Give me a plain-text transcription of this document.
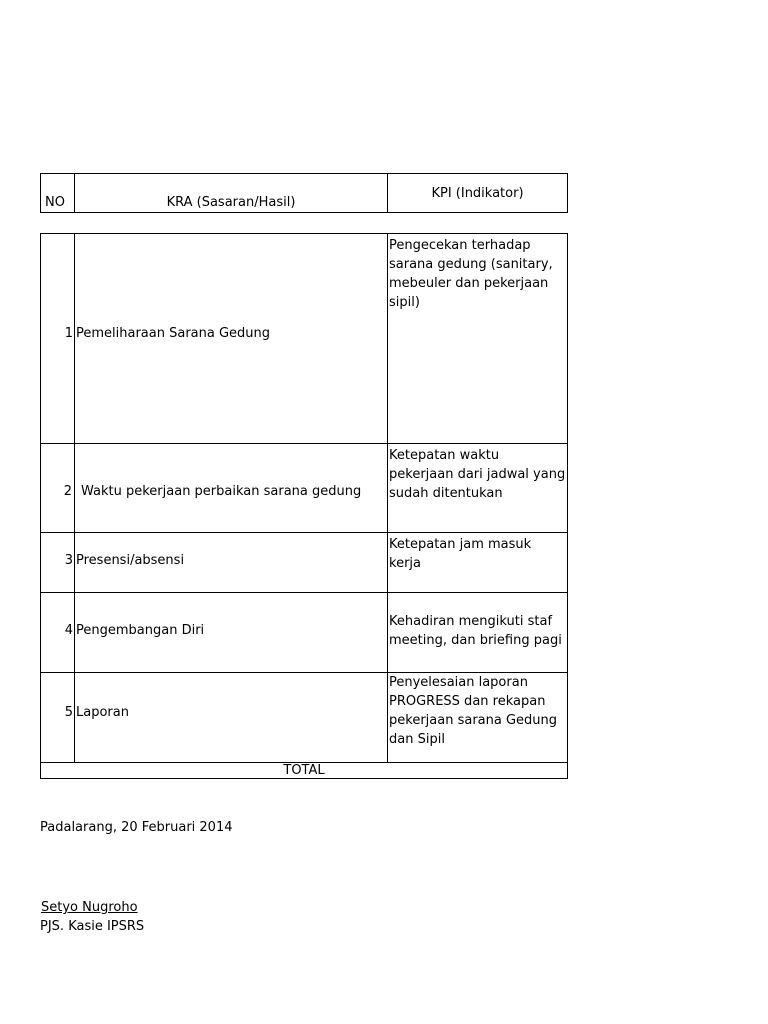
NO	KRA (Sasaran/Hasil)
KPI (Indikator)
1 Pemeliharaan Sarana Gedung
Pengecekan terhadap sarana gedung (sanitary, mebeuler dan pekerjaan sipil)
2 Waktu pekerjaan perbaikan sarana gedung
Ketepatan waktu pekerjaan dari jadwal yang sudah ditentukan
3 Presensi/absensi
Ketepatan jam masuk kerja
4 Pengembangan Diri
Kehadiran mengikuti staf meeting, dan briefing pagi
5 Laporan
Penyelesaian laporan PROGRESS dan rekapan pekerjaan sarana Gedung dan Sipil
TOTAL
Padalarang, 20 Februari 2014
Setyo Nugroho
PJS. Kasie IPSRS
